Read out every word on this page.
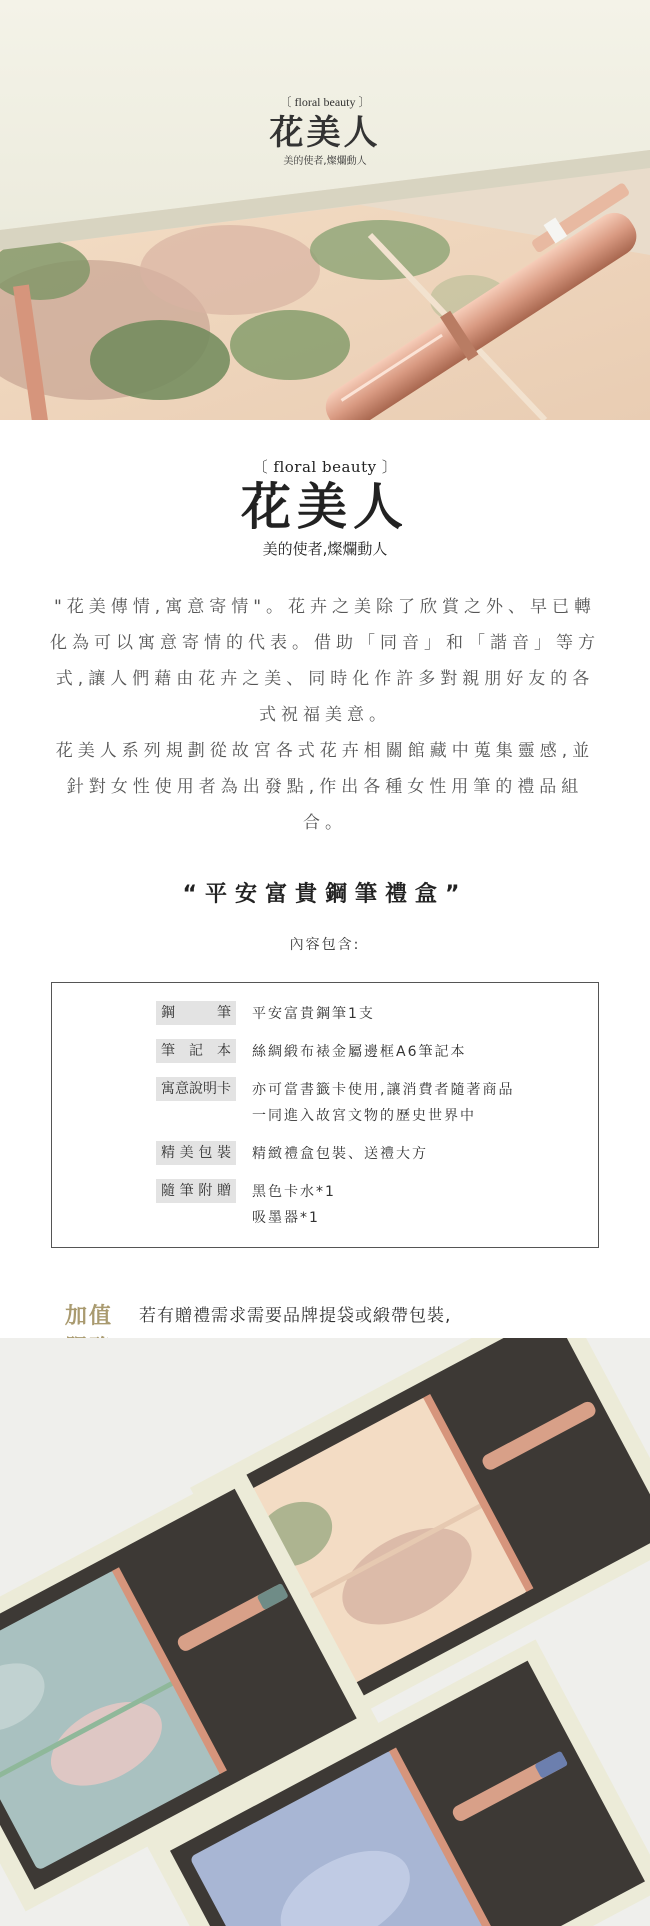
〔 floral beauty 〕
花美人
美的使者,燦爛動人
〔 floral beauty 〕
花美人
美的使者,燦爛動人

"花美傳情,寓意寄情"。花卉之美除了欣賞之外、早已轉化為可以寓意寄情的代表。借助「同音」和「諧音」等方式,讓人們藉由花卉之美、同時化作許多對親朋好友的各式祝福美意。

花美人系列規劃從故宮各式花卉相關館藏中蒐集靈感,並針對女性使用者為出發點,作出各種女性用筆的禮品組合。

“平安富貴鋼筆禮盒”
內容包含:
鋼筆	平安富貴鋼筆1支
筆記本	絲綢緞布裱金屬邊框A6筆記本
寓意說明卡	亦可當書籤卡使用,讓消費者隨著商品
一同進入故宮文物的歷史世界中
精美包裝	精緻禮盒包裝、送禮大方
隨筆附贈	黑色卡水*1
吸墨器*1
加值	若有贈禮需求需要品牌提袋或緞帶包裝,
